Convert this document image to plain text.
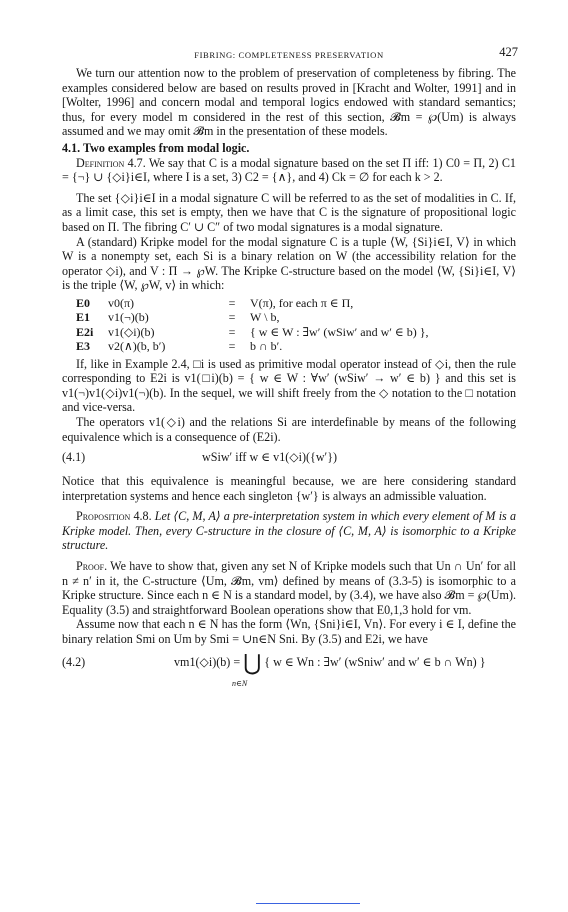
FIBRING: COMPLETENESS PRESERVATION	427

We turn our attention now to the problem of preservation of completeness by fibring. The examples considered below are based on results proved in [Kracht and Wolter, 1991] and in [Wolter, 1996] and concern modal and temporal logics endowed with standard semantics; thus, for every model m considered in the rest of this section, 𝓑m = ℘(Um) is always assumed and we may omit 𝓑m in the presentation of these models.

4.1. Two examples from modal logic.

Definition 4.7. We say that C is a modal signature based on the set Π iff: 1) C0 = Π, 2) C1 = {¬} ∪ {◇i}i∈I, where I is a set, 3) C2 = {∧}, and 4) Ck = ∅ for each k > 2.

The set {◇i}i∈I in a modal signature C will be referred to as the set of modalities in C. If, as a limit case, this set is empty, then we have that C is the signature of propositional logic based on Π. The fibring C′ ∪ C″ of two modal signatures is a modal signature.

A (standard) Kripke model for the modal signature C is a tuple ⟨W, {Si}i∈I, V⟩ in which W is a nonempty set, each Si is a binary relation on W (the accessibility relation for the operator ◇i), and V : Π → ℘W. The Kripke C-structure based on the model ⟨W, {Si}i∈I, V⟩ is the triple ⟨W, ℘W, v⟩ in which:

E0	v0(π)	=	V(π), for each π ∈ Π,
E1	v1(¬)(b)	=	W \ b,
E2i	v1(◇i)(b)	=	{ w ∈ W : ∃w′ (wSiw′ and w′ ∈ b) },
E3	v2(∧)(b, b′)	=	b ∩ b′.

If, like in Example 2.4, □i is used as primitive modal operator instead of ◇i, then the rule corresponding to E2i is v1(□i)(b) = { w ∈ W : ∀w′ (wSiw′ → w′ ∈ b) } and this set is v1(¬)v1(◇i)v1(¬)(b). In the sequel, we will shift freely from the ◇ notation to the □ notation and vice-versa.

The operators v1(◇i) and the relations Si are interdefinable by means of the following equivalence which is a consequence of (E2i).

(4.1)	wSiw′ iff w ∈ v1(◇i)({w′})

Notice that this equivalence is meaningful because, we are here considering standard interpretation systems and hence each singleton {w′} is always an admissible valuation.

Proposition 4.8. Let ⟨C, M, A⟩ a pre-interpretation system in which every element of M is a Kripke model. Then, every C-structure in the closure of ⟨C, M, A⟩ is isomorphic to a Kripke structure.

Proof. We have to show that, given any set N of Kripke models such that Un ∩ Un′ for all n ≠ n′ in it, the C-structure ⟨Um, 𝓑m, vm⟩ defined by means of (3.3-5) is isomorphic to a Kripke structure. Since each n ∈ N is a standard model, by (3.4), we have also 𝓑m = ℘(Um). Equality (3.5) and straightforward Boolean operations show that E0,1,3 hold for vm.

Assume now that each n ∈ N has the form ⟨Wn, {Sni}i∈I, Vn⟩. For every i ∈ I, define the binary relation Smi on Um by Smi = ∪n∈N Sni. By (3.5) and E2i, we have

(4.2)	vm1(◇i)(b) = ⋃ { w ∈ Wn : ∃w′ (wSniw′ and w′ ∈ b ∩ Wn) }
n∈N
